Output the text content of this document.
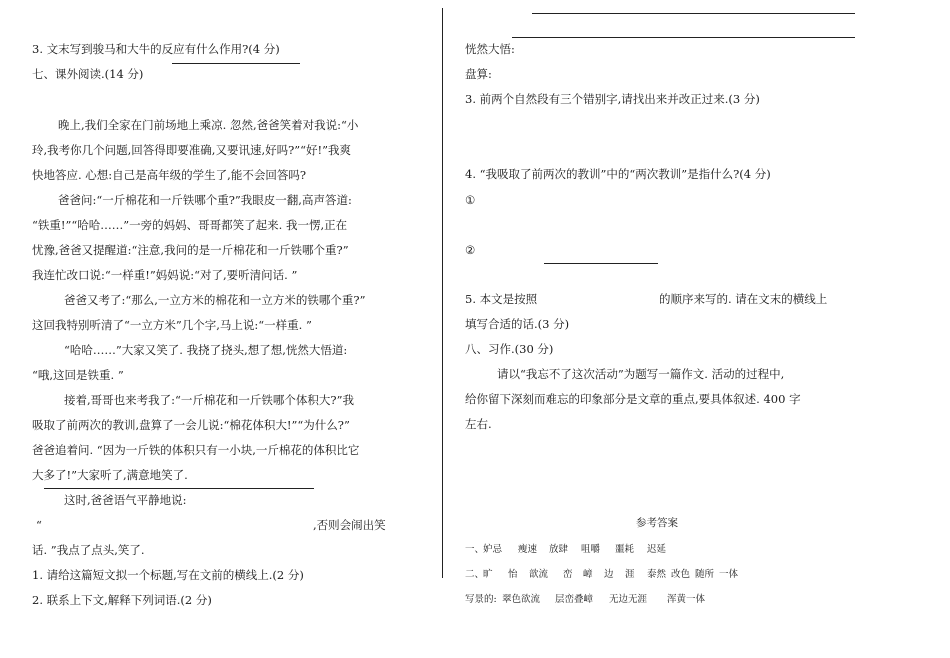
3. 文末写到骏马和大牛的反应有什么作用?(4 分)
七、课外阅读.(14 分)
晚上,我们全家在门前场地上乘凉. 忽然,爸爸笑着对我说:“小
玲,我考你几个问题,回答得即要准确,又要讯速,好吗?”“好!”我爽
快地答应. 心想:自己是高年级的学生了,能不会回答吗?
爸爸问:“一斤棉花和一斤铁哪个重?”我眼皮一翻,高声答道:
“铁重!”“哈哈……”一旁的妈妈、哥哥都笑了起来. 我一愣,正在
忧豫,爸爸又提醒道:“注意,我问的是一斤棉花和一斤铁哪个重?”
我连忙改口说:“一样重!”妈妈说:“对了,要听清问话. ”
爸爸又考了:“那么,一立方米的棉花和一立方米的铁哪个重?”
这回我特别听清了“一立方米”几个字,马上说:“一样重. ”
“哈哈……”大家又笑了. 我挠了挠头,想了想,恍然大悟道:
“哦,这回是铁重. ”
接着,哥哥也来考我了:“一斤棉花和一斤铁哪个体积大?”我
吸取了前两次的教训,盘算了一会儿说:“棉花体积大!”“为什么?”
爸爸追着问. “因为一斤铁的体积只有一小块,一斤棉花的体积比它
大多了!”大家听了,满意地笑了.
这时,爸爸语气平静地说:
“	,否则会闹出笑
话. ”我点了点头,笑了.
1. 请给这篇短文拟一个标题,写在文前的横线上.(2 分)
2. 联系上下文,解释下列词语.(2 分)
恍然大悟:
盘算:
3. 前两个自然段有三个错别字,请找出来并改正过来.(3 分)
4. “我吸取了前两次的教训”中的“两次教训”是指什么?(4 分)
①
②
5. 本文是按照	的顺序来写的. 请在文末的横线上
填写合适的话.(3 分)
八、习作.(30 分)
请以“我忘不了这次活动”为题写一篇作文. 活动的过程中,
给你留下深刻而难忘的印象部分是文章的重点,要具体叙述. 400 字
左右.
参考答案
一、
妒忌 瘦速 放肆 咀嚼 噩耗 迟延
二、
旷 怡 歆流 峦 嶂 边 涯 泰然 改色 随所 一体
写景的: 翠色欲流 层峦叠嶂 无边无涯 浑黄一体
